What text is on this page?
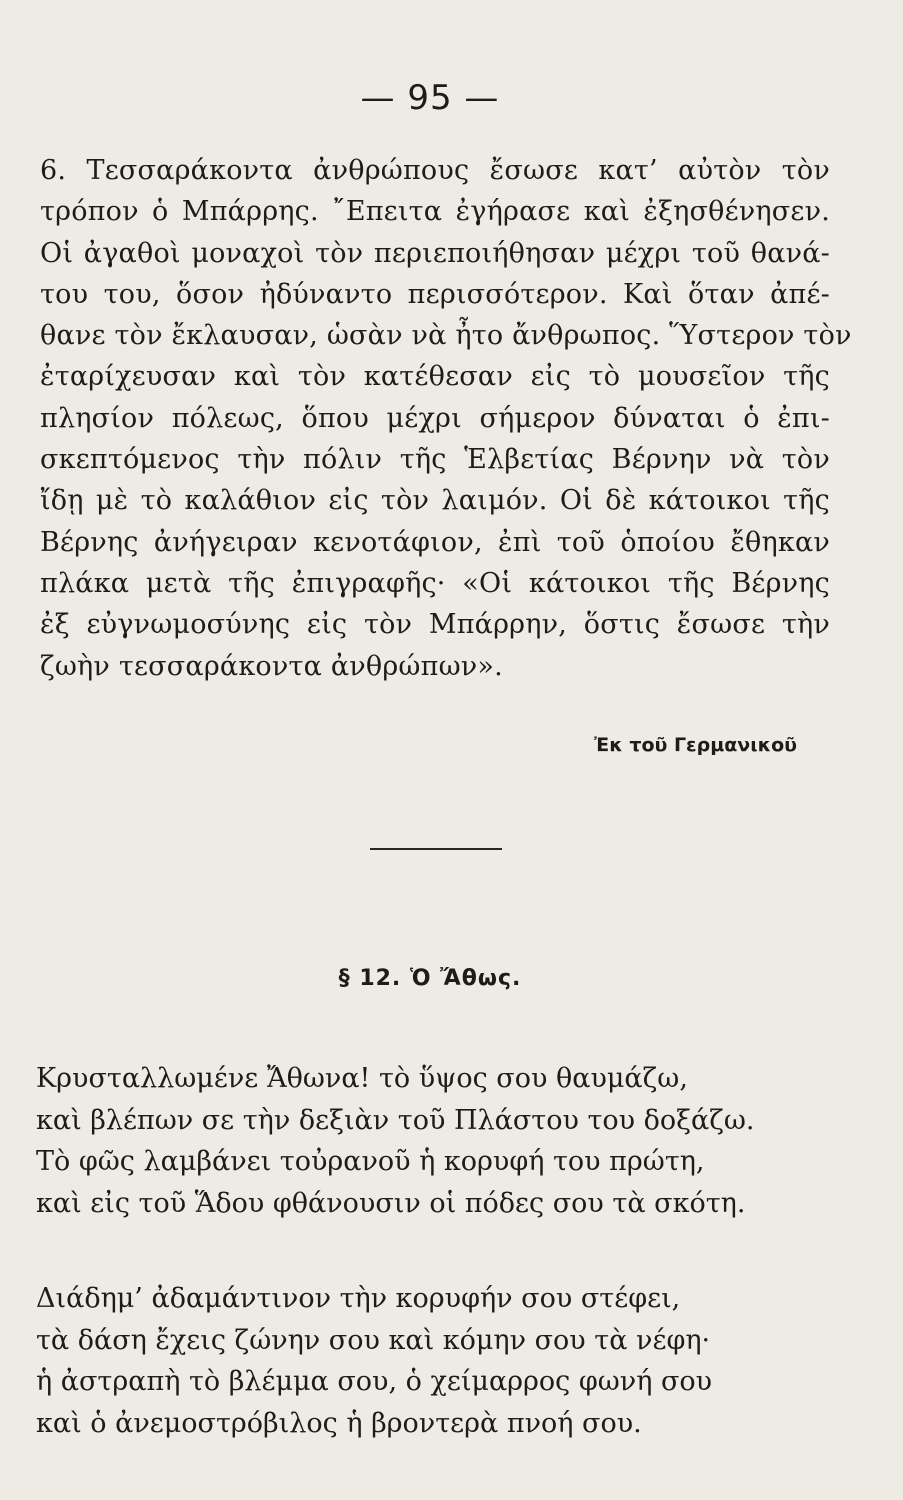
— 95 —
6. Τεσσαράκοντα ἀνθρώπους ἔσωσε κατ’ αὐτὸν τὸν
τρόπον ὁ Μπάρρης. ῎Επειτα ἐγήρασε καὶ ἐξησθένησεν.
Οἱ ἀγαθοὶ μοναχοὶ τὸν περιεποιήθησαν μέχρι τοῦ θανά-
του του, ὅσον ἠδύναντο περισσότερον. Καὶ ὅταν ἀπέ-
θανε τὸν ἔκλαυσαν, ὡσὰν νὰ ἦτο ἄνθρωπος. Ὕστερον τὸν
ἐταρίχευσαν καὶ τὸν κατέθεσαν εἰς τὸ μουσεῖον τῆς
πλησίον πόλεως, ὅπου μέχρι σήμερον δύναται ὁ ἐπι-
σκεπτόμενος τὴν πόλιν τῆς Ἑλβετίας Βέρνην νὰ τὸν
ἴδῃ μὲ τὸ καλάθιον εἰς τὸν λαιμόν. Οἱ δὲ κάτοικοι τῆς
Βέρνης ἀνήγειραν κενοτάφιον, ἐπὶ τοῦ ὁποίου ἔθηκαν
πλάκα μετὰ τῆς ἐπιγραφῆς· «Οἱ κάτοικοι τῆς Βέρνης
ἐξ εὐγνωμοσύνης εἰς τὸν Μπάρρην, ὅστις ἔσωσε τὴν
ζωὴν τεσσαράκοντα ἀνθρώπων».
Ἐκ τοῦ Γερμανικοῦ
§ 12. Ὁ Ἄθως.
Κρυσταλλωμένε Ἄθωνα! τὸ ὕψος σου θαυμάζω,
καὶ βλέπων σε τὴν δεξιὰν τοῦ Πλάστου του δοξάζω.
Τὸ φῶς λαμβάνει τοὐρανοῦ ἡ κορυφή του πρώτη,
καὶ εἰς τοῦ Ἅδου φθάνουσιν οἱ πόδες σου τὰ σκότη.
Διάδημ’ ἀδαμάντινον τὴν κορυφήν σου στέφει,
τὰ δάση ἔχεις ζώνην σου καὶ κόμην σου τὰ νέφη·
ἡ ἀστραπὴ τὸ βλέμμα σου, ὁ χείμαρρος φωνή σου
καὶ ὁ ἀνεμοστρόβιλος ἡ βροντερὰ πνοή σου.
